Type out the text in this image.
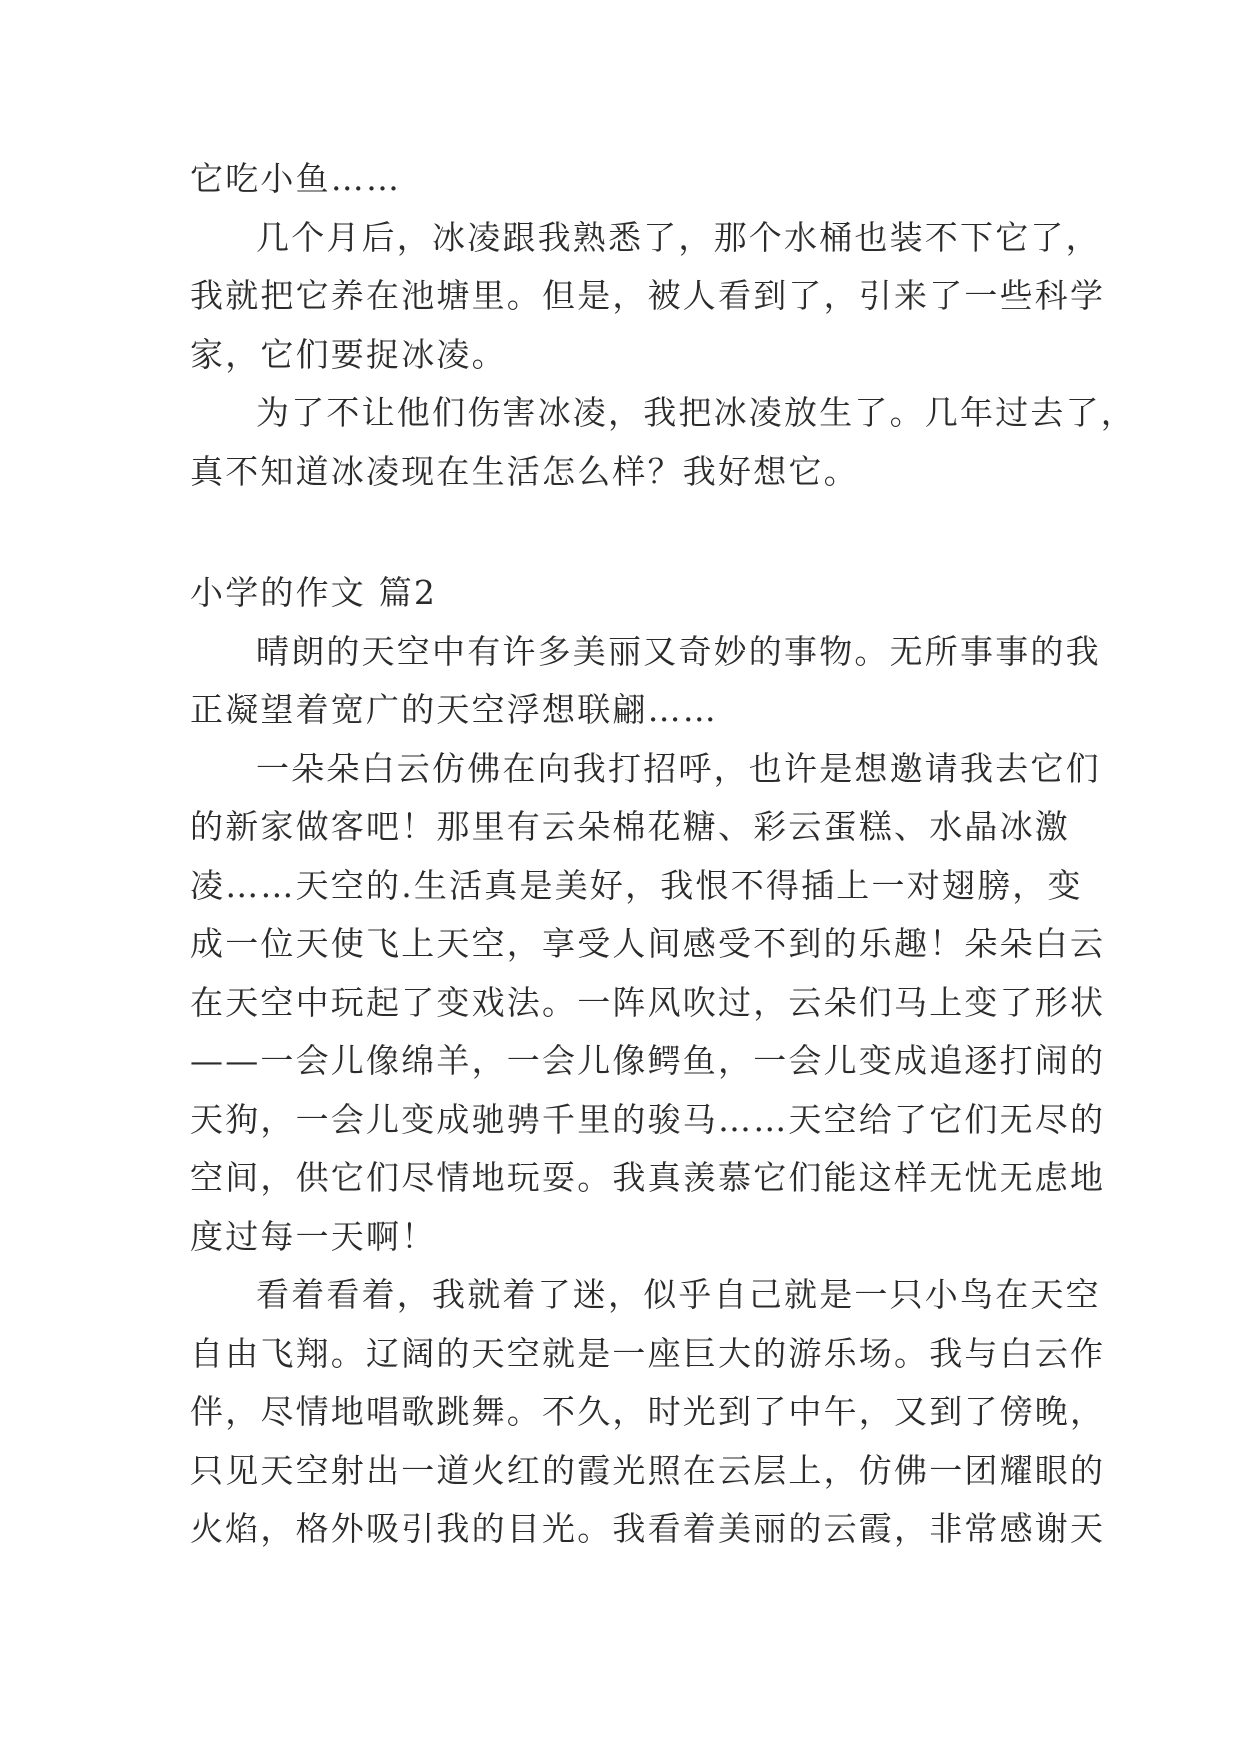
它吃小鱼……
几个月后，冰凌跟我熟悉了，那个水桶也装不下它了，
我就把它养在池塘里。但是，被人看到了，引来了一些科学
家，它们要捉冰凌。
为了不让他们伤害冰凌，我把冰凌放生了。几年过去了，
真不知道冰凌现在生活怎么样？我好想它。
小学的作文 篇2
晴朗的天空中有许多美丽又奇妙的事物。无所事事的我
正凝望着宽广的天空浮想联翩……
一朵朵白云仿佛在向我打招呼，也许是想邀请我去它们
的新家做客吧！那里有云朵棉花糖、彩云蛋糕、水晶冰激
凌……天空的.生活真是美好，我恨不得插上一对翅膀，变
成一位天使飞上天空，享受人间感受不到的乐趣！朵朵白云
在天空中玩起了变戏法。一阵风吹过，云朵们马上变了形状
——一会儿像绵羊，一会儿像鳄鱼，一会儿变成追逐打闹的
天狗，一会儿变成驰骋千里的骏马……天空给了它们无尽的
空间，供它们尽情地玩耍。我真羡慕它们能这样无忧无虑地
度过每一天啊！
看着看着，我就着了迷，似乎自己就是一只小鸟在天空
自由飞翔。辽阔的天空就是一座巨大的游乐场。我与白云作
伴，尽情地唱歌跳舞。不久，时光到了中午，又到了傍晚，
只见天空射出一道火红的霞光照在云层上，仿佛一团耀眼的
火焰，格外吸引我的目光。我看着美丽的云霞，非常感谢天
